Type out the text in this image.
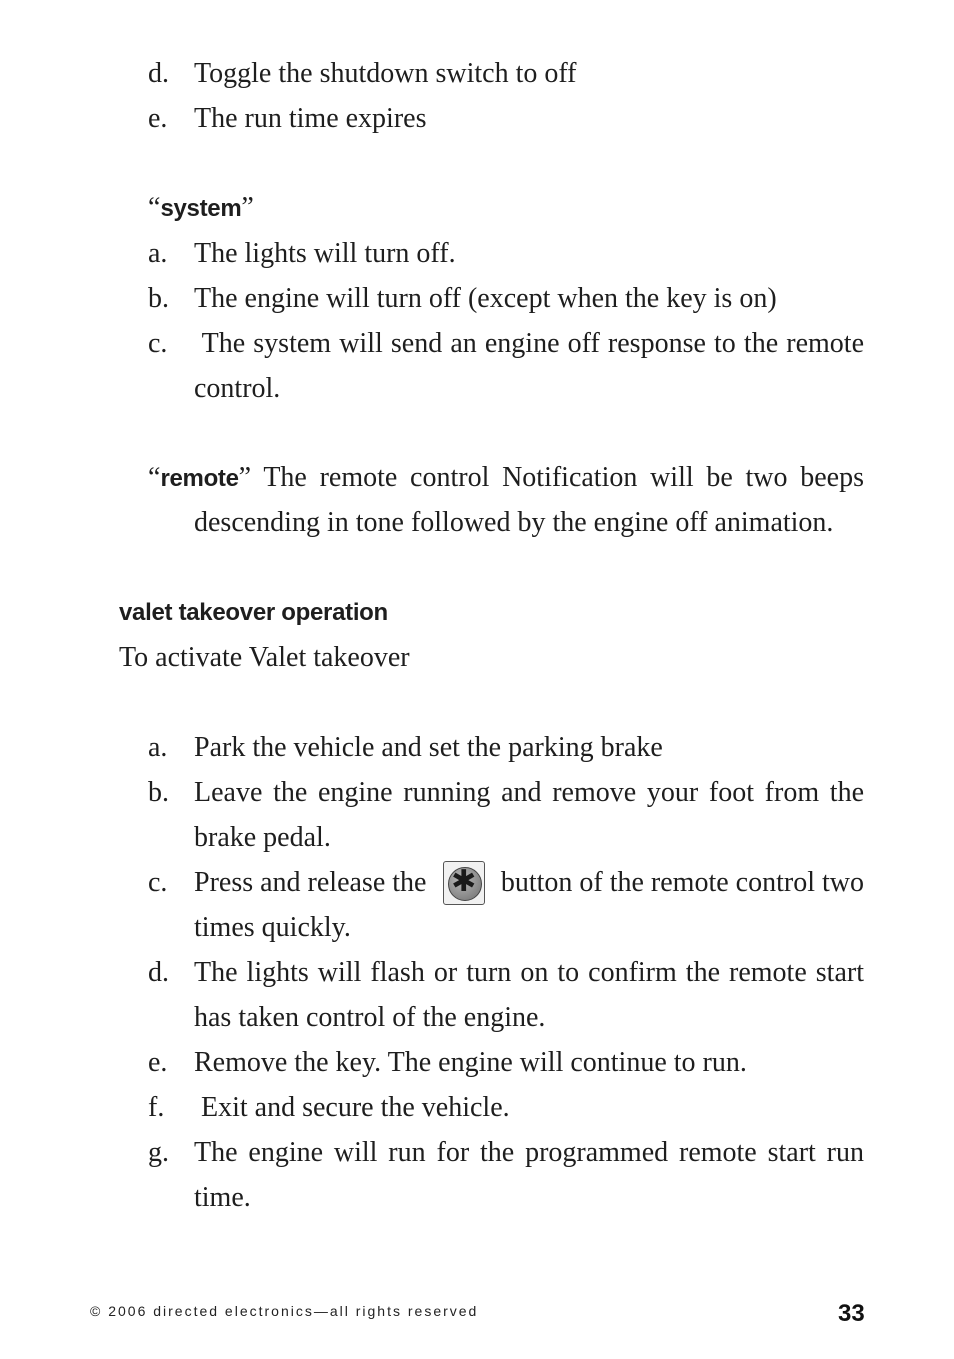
d. Toggle the shutdown switch to off
e. The run time expires
“system”
a. The lights will turn off.
b. The engine will turn off (except when the key is on)
c. The system will send an engine off response to the remote
control.
“remote” The remote control Notification will be two beeps
descending in tone followed by the engine off animation.
valet takeover operation
To activate Valet takeover
a. Park the vehicle and set the parking brake
b. Leave the engine running and remove your foot from the
brake pedal.
c. Press and release the ✱ button of the remote control two
times quickly.
d. The lights will flash or turn on to confirm the remote start
has taken control of the engine.
e. Remove the key. The engine will continue to run.
f. Exit and secure the vehicle.
g. The engine will run for the programmed remote start run
time.
© 2006 directed electronics—all rights reserved	33
